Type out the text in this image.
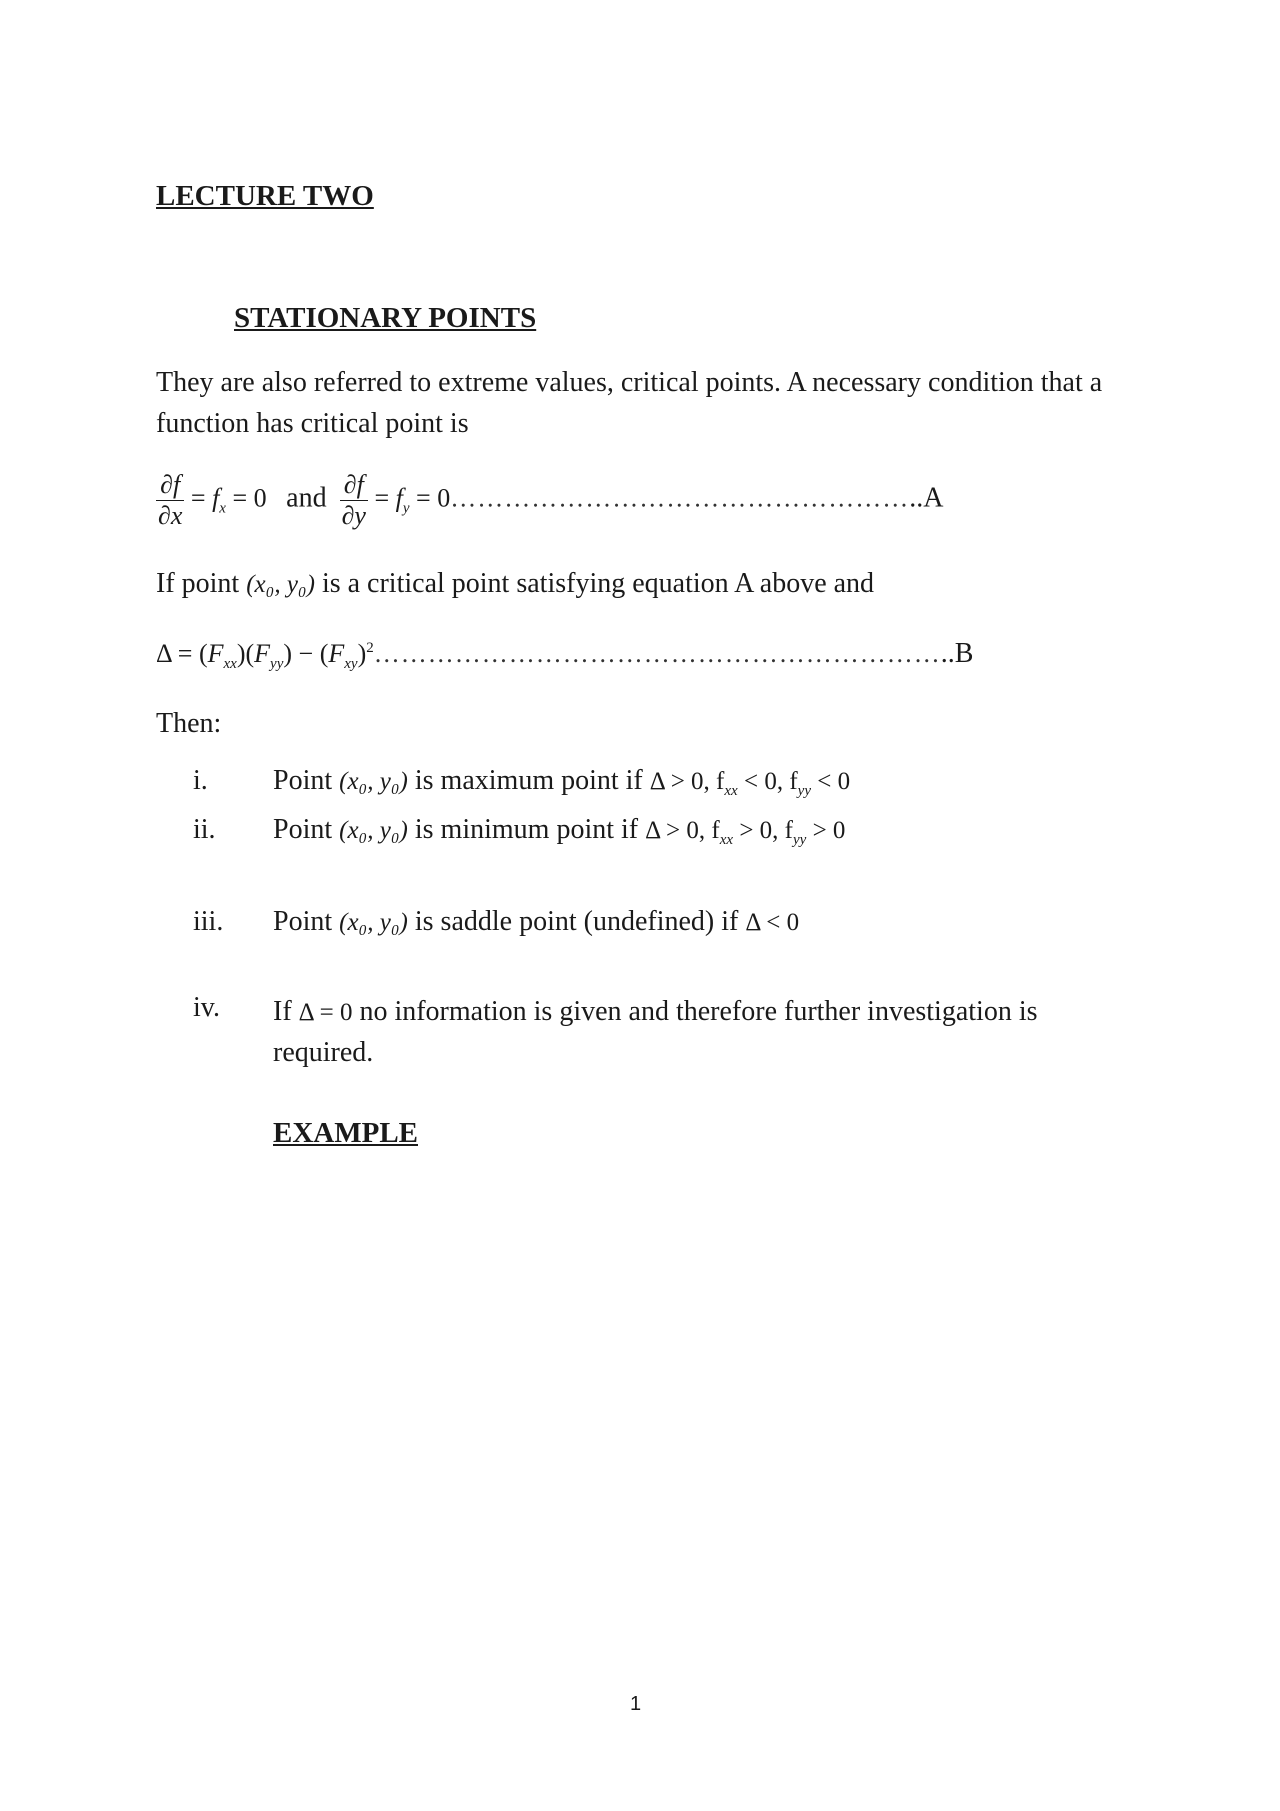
LECTURE TWO
STATIONARY POINTS
They are also referred to extreme values, critical points. A necessary condition that a function has critical point is
$\frac{\partial f}{\partial x} = f_x = 0$ and $\frac{\partial f}{\partial y} = f_y$ = 0……………………………………………..A
If point (x₀, y₀) is a critical point satisfying equation A above and
$\Delta = (F_{xx})(F_{yy})$ − $(F_{xy})^2\dots\dots\dots\dots\dots\dots\dots\dots\dots\dots\dots\dots\dots\dots\dots\dots\dots\dots\dots\dots\dots..B$
Then:
i. Point (x₀, y₀) is maximum point if Δ > 0, $f_{xx} < 0$, $f_{yy} < 0$
ii. Point (x₀, y₀) is minimum point if Δ > 0, $f_{xx} > 0$, $f_{yy} > 0$
iii. Point (x₀, y₀) is saddle point (undefined) if Δ < 0
iv. If Δ = 0 no information is given and therefore further investigation is required.
EXAMPLE
1
